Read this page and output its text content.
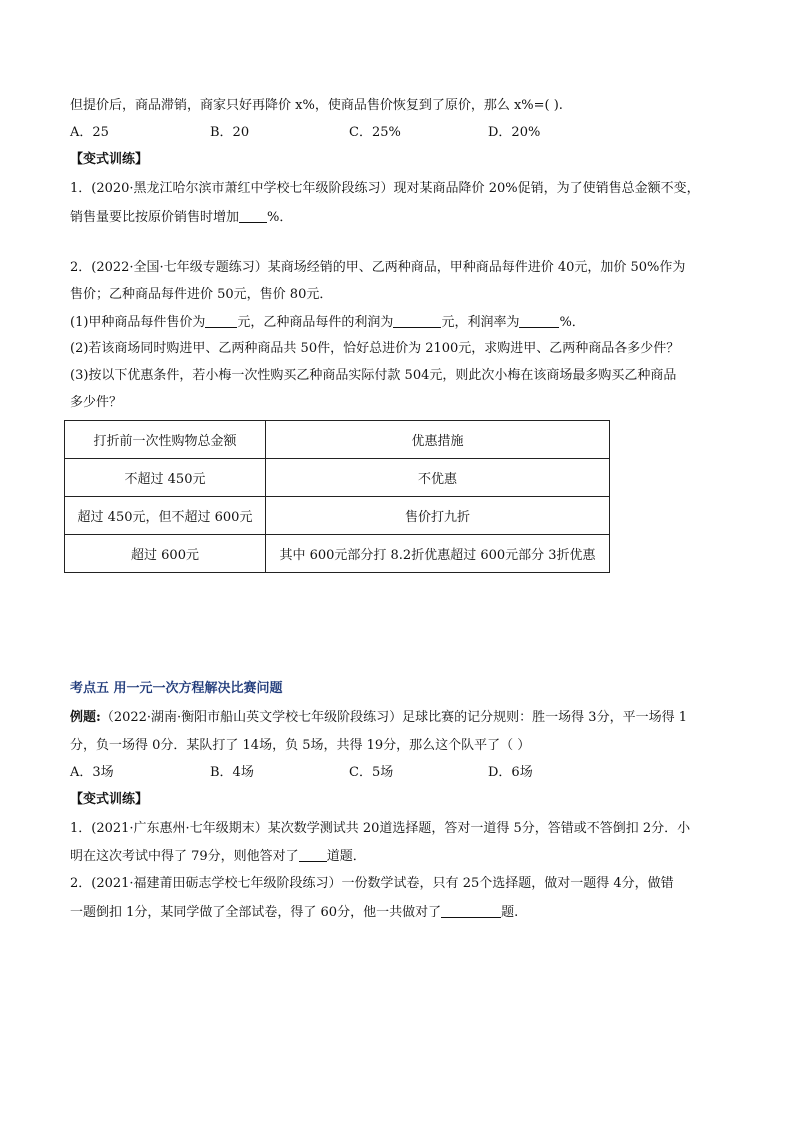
但提价后，商品滞销，商家只好再降价 x%，使商品售价恢复到了原价，那么 x%=( ).
A．25	B．20	C．25%	D．20%
【变式训练】
1．(2020·黑龙江哈尔滨市萧红中学校七年级阶段练习）现对某商品降价 20%促销，为了使销售总金额不变，
销售量要比按原价销售时增加 %．
2．(2022·全国·七年级专题练习）某商场经销的甲、乙两种商品，甲种商品每件进价 40元，加价 50%作为
售价；乙种商品每件进价 50元，售价 80元．
(1)甲种商品每件售价为 元，乙种商品每件的利润为	元，利润率为	%．
(2)若该商场同时购进甲、乙两种商品共 50件，恰好总进价为 2100元，求购进甲、乙两种商品各多少件？
(3)按以下优惠条件，若小梅一次性购买乙种商品实际付款 504元，则此次小梅在该商场最多购买乙种商品
多少件？
打折前一次性购物总金额	优惠措施
不超过 450元	不优惠
超过 450元，但不超过 600元	售价打九折
超过 600元	其中 600元部分打 8.2折优惠超过 600元部分 3折优惠
考点五 用一元一次方程解决比赛问题
例题:（2022·湖南·衡阳市船山英文学校七年级阶段练习）足球比赛的记分规则：胜一场得 3分，平一场得 1
分，负一场得 0分．某队打了 14场，负 5场，共得 19分，那么这个队平了（ ）
A．3场	B．4场	C．5场	D．6场
【变式训练】
1．(2021·广东惠州·七年级期末）某次数学测试共 20道选择题，答对一道得 5分，答错或不答倒扣 2分．小
明在这次考试中得了 79分，则他答对了 道题．
2．(2021·福建莆田砺志学校七年级阶段练习）一份数学试卷，只有 25个选择题，做对一题得 4分，做错
一题倒扣 1分，某同学做了全部试卷，得了 60分，他一共做对了	题.
